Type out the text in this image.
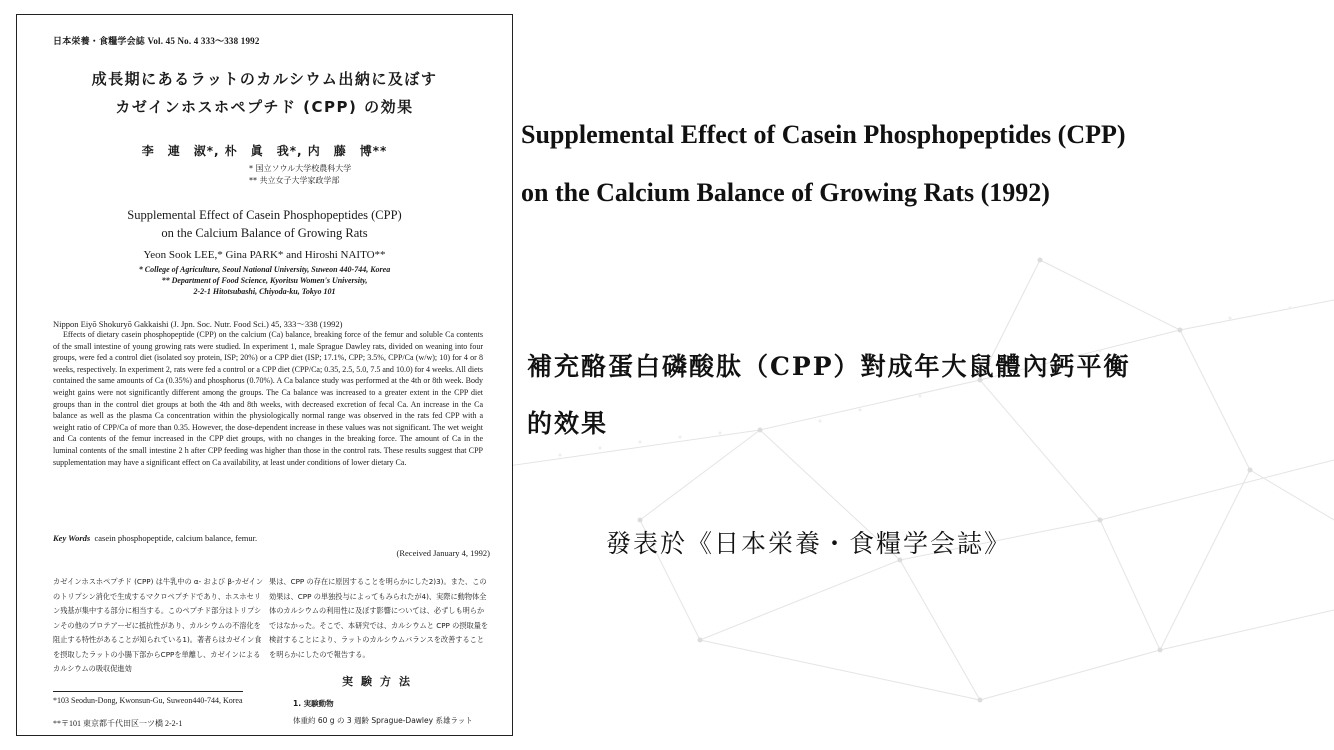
日本栄養・食糧学会誌 Vol. 45 No. 4 333～338 1992
成長期にあるラットのカルシウム出納に及ぼす
カゼインホスホペプチド (CPP) の効果
李　連　淑*, 朴　眞　我*, 内　藤　博**
* 国立ソウル大学校農科大学
** 共立女子大学家政学部
Supplemental Effect of Casein Phosphopeptides (CPP)
on the Calcium Balance of Growing Rats
Yeon Sook LEE,* Gina PARK* and Hiroshi NAITO**
* College of Agriculture, Seoul National University, Suweon 440-744, Korea
** Department of Food Science, Kyoritsu Women's University,
2-2-1 Hitotsubashi, Chiyoda-ku, Tokyo 101
Nippon Eiyō Shokuryō Gakkaishi (J. Jpn. Soc. Nutr. Food Sci.) 45, 333～338 (1992)
Effects of dietary casein phosphopeptide (CPP) on the calcium (Ca) balance, breaking force of the femur and soluble Ca contents of the small intestine of young growing rats were studied. In experiment 1, male Sprague Dawley rats, divided on weaning into four groups, were fed a control diet (isolated soy protein, ISP; 20%) or a CPP diet (ISP; 17.1%, CPP; 3.5%, CPP/Ca (w/w); 10) for 4 or 8 weeks, respectively. In experiment 2, rats were fed a control or a CPP diet (CPP/Ca; 0.35, 2.5, 5.0, 7.5 and 10.0) for 4 weeks. All diets contained the same amounts of Ca (0.35%) and phosphorus (0.70%). A Ca balance study was performed at the 4th or 8th week. Body weight gains were not significantly different among the groups. The Ca balance was increased to a greater extent in the CPP diet groups than in the control diet groups at both the 4th and 8th weeks, with decreased excretion of fecal Ca. An increase in the Ca balance as well as the plasma Ca concentration within the physiologically normal range was observed in the rats fed CPP with a weight ratio of CPP/Ca of more than 0.35. However, the dose-dependent increase in these values was not significant. The wet weight and Ca contents of the femur increased in the CPP diet groups, with no changes in the breaking force. The amount of Ca in the luminal contents of the small intestine 2 h after CPP feeding was higher than those in the control rats. These results suggest that CPP supplementation may have a significant effect on Ca availability, at least under conditions of lower dietary Ca.
Key Words casein phosphopeptide, calcium balance, femur.
(Received January 4, 1992)
カゼインホスホペプチド (CPP) は牛乳中の α- および β-カゼインのトリプシン消化で生成するマクロペプチドであり、ホスホセリン残基が集中する部分に相当する。このペプチド部分はトリプシンその他のプロテアーゼに抵抗性があり、カルシウムの不溶化を阻止する特性があることが知られている1)。著者らはカゼイン食を摂取したラットの小腸下部からCPPを単離し、カゼインによるカルシウムの吸収促進効
果は、CPP の存在に原因することを明らかにした2)3)。また、この効果は、CPP の単独投与によってもみられたが4)、実際に動物体全体のカルシウムの利用性に及ぼす影響については、必ずしも明らかではなかった。そこで、本研究では、カルシウムと CPP の摂取量を検討することにより、ラットのカルシウムバランスを改善することを明らかにしたので報告する。
実験方法
*103 Seodun-Dong, Kwonsun-Gu, Suweon440-744, Korea
**〒101 東京都千代田区一ツ橋 2-2-1
1. 実験動物
体重約 60 g の 3 週齢 Sprague-Dawley 系雄ラット
Supplemental Effect of Casein Phosphopeptides (CPP)
on the Calcium Balance of Growing Rats (1992)
補充酪蛋白磷酸肽（CPP）對成年大鼠體內鈣平衡
的效果
發表於《日本栄養・食糧学会誌》
